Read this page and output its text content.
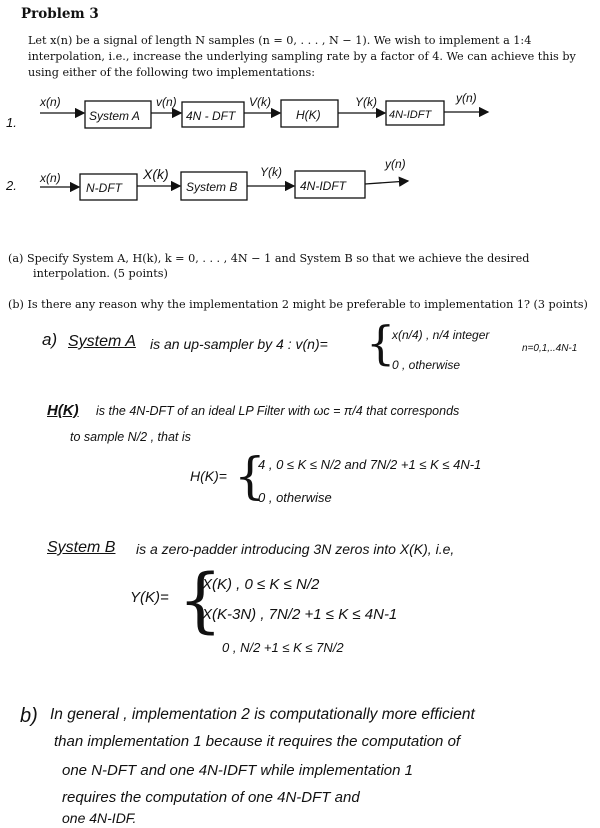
Problem 3
Let x(n) be a signal of length N samples (n = 0, . . . , N − 1). We wish to implement a 1:4 interpolation, i.e., increase the underlying sampling rate by a factor of 4. We can achieve this by using either of the following two implementations:
1.
x(n)
System A
v(n)
4N - DFT
V(k)
H(K)
Y(k)
4N-IDFT
y(n)
2. x(n)
N-DFT
X(k)
System B
Y(k)
4N-IDFT
y(n)
(a) Specify System A, H(k), k = 0, . . . , 4N − 1 and System B so that we achieve the desired interpolation. (5 points)
(b) Is there any reason why the implementation 2 might be preferable to implementation 1? (3 points)
a) System A is an up-sampler by 4 : v(n)= {
x(n/4) , n/4 integer
0 , otherwise
n=0,1,..4N-1
H(K) is the 4N-DFT of an ideal LP Filter with ωc = π/4 that corresponds
to sample N/2 , that is
H(K)= {
4 , 0 ≤ K ≤ N/2 and 7N/2 +1 ≤ K ≤ 4N-1
0 , otherwise
System B is a zero-padder introducing 3N zeros into X(K), i.e,
Y(K)= {
X(K) , 0 ≤ K ≤ N/2
X(K-3N) , 7N/2 +1 ≤ K ≤ 4N-1
0 , N/2 +1 ≤ K ≤ 7N/2
b) In general , implementation 2 is computationally more efficient
than implementation 1 because it requires the computation of
one N-DFT and one 4N-IDFT while implementation 1
requires the computation of one 4N-DFT and
one 4N-IDF.
